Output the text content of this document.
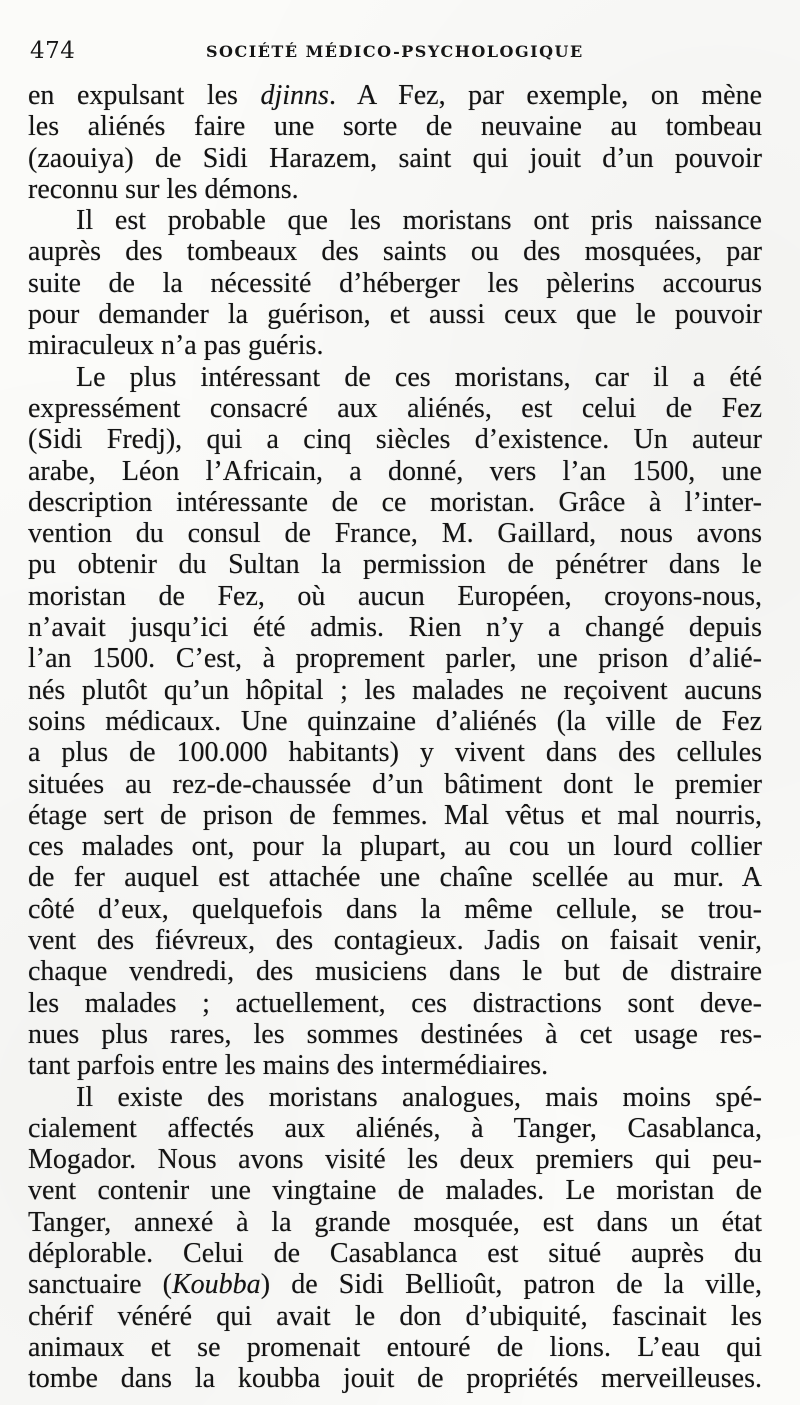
474	SOCIÉTÉ MÉDICO-PSYCHOLOGIQUE
en expulsant les djinns. A Fez, par exemple, on mène
les aliénés faire une sorte de neuvaine au tombeau
(zaouiya) de Sidi Harazem, saint qui jouit d’un pouvoir
reconnu sur les démons.
Il est probable que les moristans ont pris naissance
auprès des tombeaux des saints ou des mosquées, par
suite de la nécessité d’héberger les pèlerins accourus
pour demander la guérison, et aussi ceux que le pouvoir
miraculeux n’a pas guéris.
Le plus intéressant de ces moristans, car il a été
expressément consacré aux aliénés, est celui de Fez
(Sidi Fredj), qui a cinq siècles d’existence. Un auteur
arabe, Léon l’Africain, a donné, vers l’an 1500, une
description intéressante de ce moristan. Grâce à l’inter-
vention du consul de France, M. Gaillard, nous avons
pu obtenir du Sultan la permission de pénétrer dans le
moristan de Fez, où aucun Européen, croyons-nous,
n’avait jusqu’ici été admis. Rien n’y a changé depuis
l’an 1500. C’est, à proprement parler, une prison d’alié-
nés plutôt qu’un hôpital ; les malades ne reçoivent aucuns
soins médicaux. Une quinzaine d’aliénés (la ville de Fez
a plus de 100.000 habitants) y vivent dans des cellules
situées au rez-de-chaussée d’un bâtiment dont le premier
étage sert de prison de femmes. Mal vêtus et mal nourris,
ces malades ont, pour la plupart, au cou un lourd collier
de fer auquel est attachée une chaîne scellée au mur. A
côté d’eux, quelquefois dans la même cellule, se trou-
vent des fiévreux, des contagieux. Jadis on faisait venir,
chaque vendredi, des musiciens dans le but de distraire
les malades ; actuellement, ces distractions sont deve-
nues plus rares, les sommes destinées à cet usage res-
tant parfois entre les mains des intermédiaires.
Il existe des moristans analogues, mais moins spé-
cialement affectés aux aliénés, à Tanger, Casablanca,
Mogador. Nous avons visité les deux premiers qui peu-
vent contenir une vingtaine de malades. Le moristan de
Tanger, annexé à la grande mosquée, est dans un état
déplorable. Celui de Casablanca est situé auprès du
sanctuaire (Koubba) de Sidi Bellioût, patron de la ville,
chérif vénéré qui avait le don d’ubiquité, fascinait les
animaux et se promenait entouré de lions. L’eau qui
tombe dans la koubba jouit de propriétés merveilleuses.
